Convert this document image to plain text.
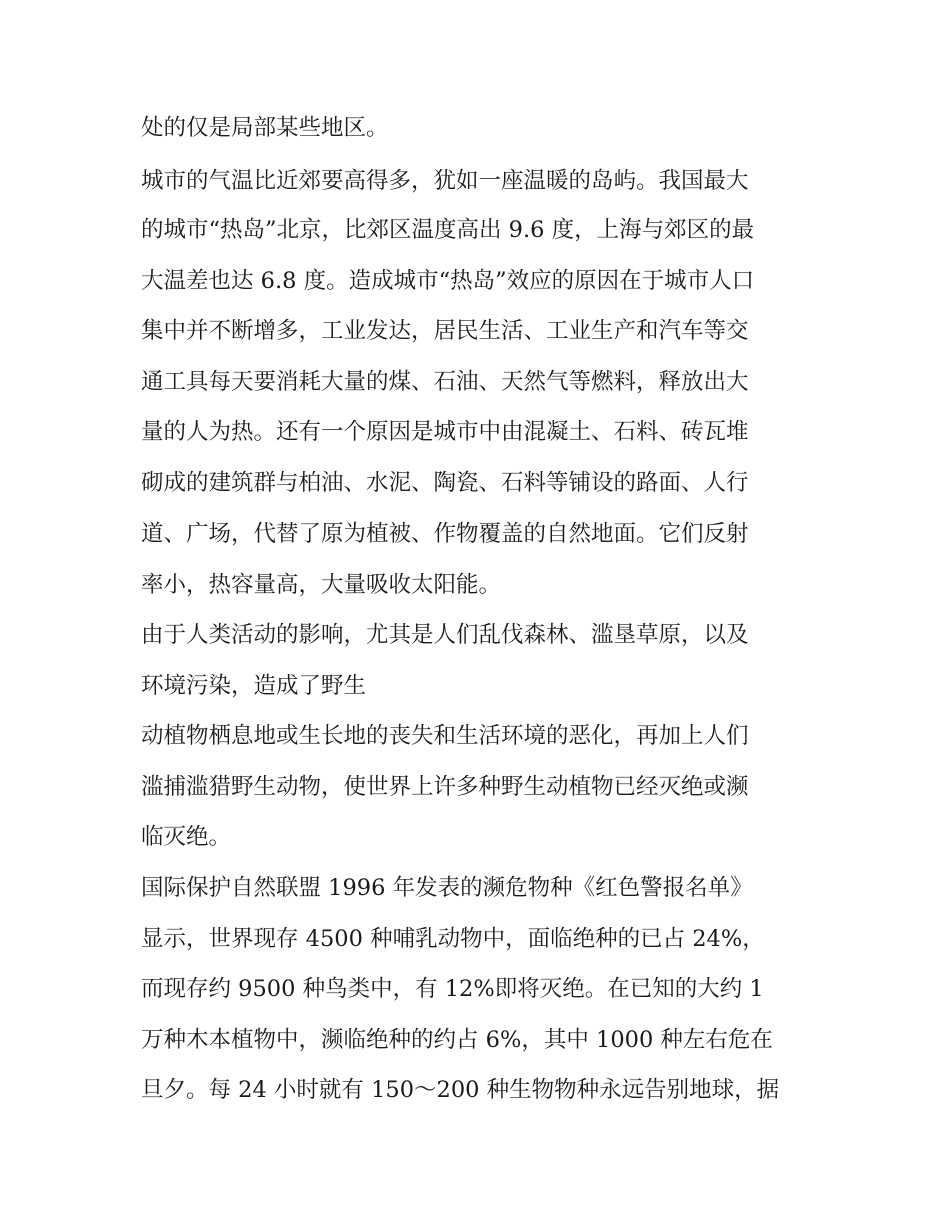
处的仅是局部某些地区。
城市的气温比近郊要高得多，犹如一座温暖的岛屿。我国最大
的城市“热岛”北京，比郊区温度高出 9.6 度，上海与郊区的最
大温差也达 6.8 度。造成城市“热岛”效应的原因在于城市人口
集中并不断增多，工业发达，居民生活、工业生产和汽车等交
通工具每天要消耗大量的煤、石油、天然气等燃料，释放出大
量的人为热。还有一个原因是城市中由混凝土、石料、砖瓦堆
砌成的建筑群与柏油、水泥、陶瓷、石料等铺设的路面、人行
道、广场，代替了原为植被、作物覆盖的自然地面。它们反射
率小，热容量高，大量吸收太阳能。
由于人类活动的影响，尤其是人们乱伐森林、滥垦草原，以及
环境污染，造成了野生
动植物栖息地或生长地的丧失和生活环境的恶化，再加上人们
滥捕滥猎野生动物，使世界上许多种野生动植物已经灭绝或濒
临灭绝。
国际保护自然联盟 1996 年发表的濒危物种《红色警报名单》
显示，世界现存 4500 种哺乳动物中，面临绝种的已占 24%，
而现存约 9500 种鸟类中，有 12%即将灭绝。在已知的大约 1
万种木本植物中，濒临绝种的约占 6%，其中 1000 种左右危在
旦夕。每 24 小时就有 150～200 种生物物种永远告别地球，据
